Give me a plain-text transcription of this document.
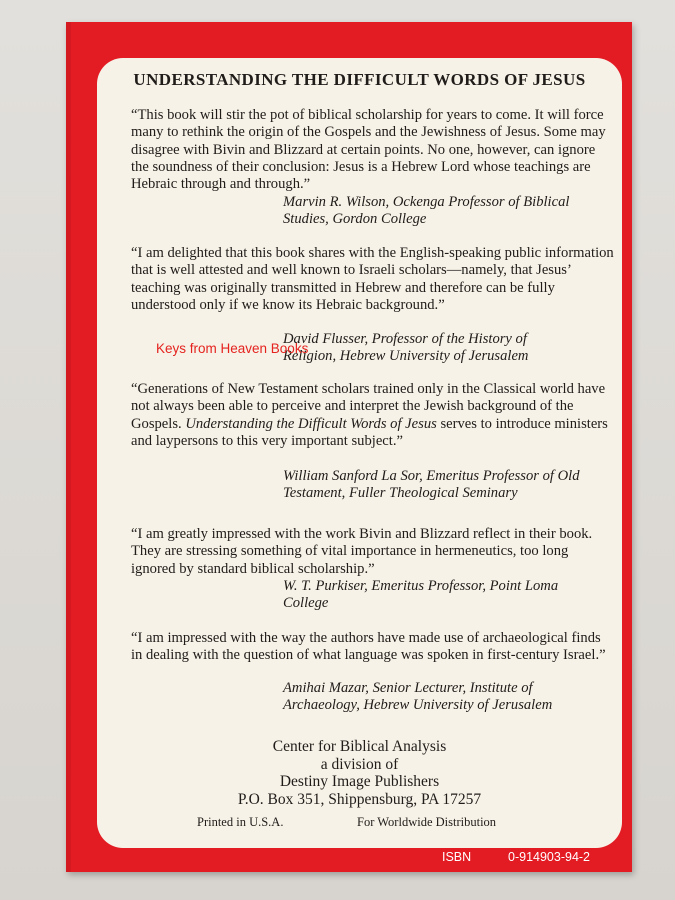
UNDERSTANDING THE DIFFICULT WORDS OF JESUS

“This book will stir the pot of biblical scholarship for years to come. It will force many to rethink the origin of the Gospels and the Jewishness of Jesus. Some may disagree with Bivin and Blizzard at certain points. No one, however, can ignore the soundness of their conclusion: Jesus is a Hebrew Lord whose teachings are Hebraic through and through.”

Marvin R. Wilson, Ockenga Professor of Biblical Studies, Gordon College

“I am delighted that this book shares with the English-speaking public information that is well attested and well known to Israeli scholars—namely, that Jesus’ teaching was originally transmitted in Hebrew and therefore can be fully understood only if we know its Hebraic background.”

David Flusser, Professor of the History of Religion, Hebrew University of Jerusalem

“Generations of New Testament scholars trained only in the Classical world have not always been able to perceive and interpret the Jewish background of the Gospels. Understanding the Difficult Words of Jesus serves to introduce ministers and laypersons to this very important subject.”

William Sanford La Sor, Emeritus Professor of Old Testament, Fuller Theological Seminary

“I am greatly impressed with the work Bivin and Blizzard reflect in their book. They are stressing something of vital importance in hermeneutics, too long ignored by standard biblical scholarship.”

W. T. Purkiser, Emeritus Professor, Point Loma College

“I am impressed with the way the authors have made use of archaeological finds in dealing with the question of what language was spoken in first-century Israel.”

Amihai Mazar, Senior Lecturer, Institute of Archaeology, Hebrew University of Jerusalem

Center for Biblical Analysis
a division of
Destiny Image Publishers
P.O. Box 351, Shippensburg, PA 17257
Printed in U.S.A.	For Worldwide Distribution
Keys from Heaven Books
ISBN	0-914903-94-2
